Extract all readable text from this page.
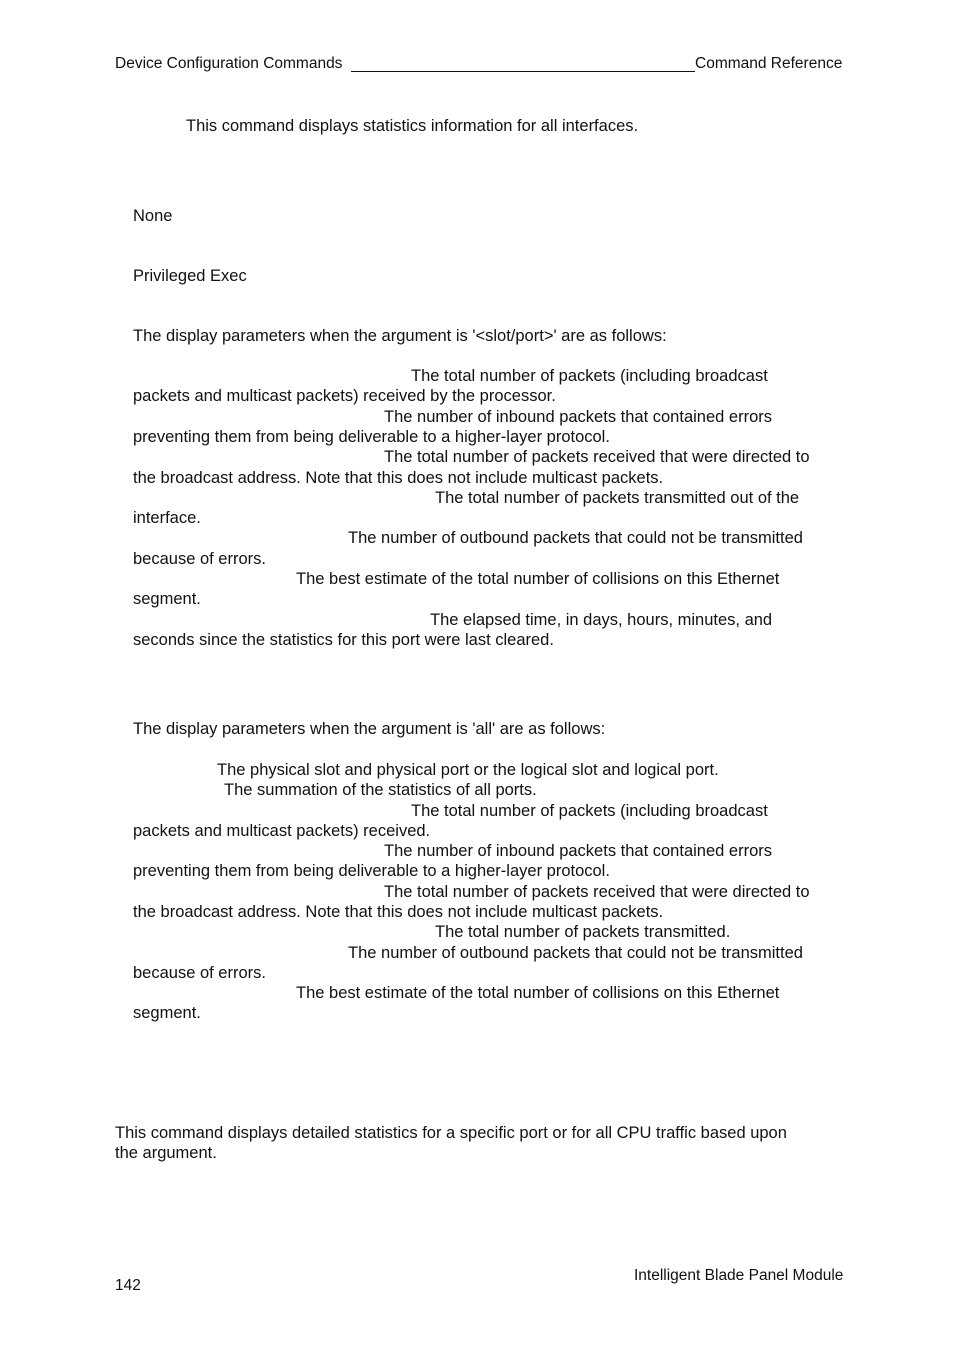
Device Configuration Commands	Command Reference
This command displays statistics information for all interfaces.
None
Privileged Exec
The display parameters when the argument is '<slot/port>' are as follows:
The total number of packets (including broadcast
packets and multicast packets) received by the processor.
The number of inbound packets that contained errors
preventing them from being deliverable to a higher-layer protocol.
The total number of packets received that were directed to
the broadcast address. Note that this does not include multicast packets.
The total number of packets transmitted out of the
interface.
The number of outbound packets that could not be transmitted
because of errors.
The best estimate of the total number of collisions on this Ethernet
segment.
The elapsed time, in days, hours, minutes, and
seconds since the statistics for this port were last cleared.
The display parameters when the argument is 'all' are as follows:
The physical slot and physical port or the logical slot and logical port.
The summation of the statistics of all ports.
The total number of packets (including broadcast
packets and multicast packets) received.
The number of inbound packets that contained errors
preventing them from being deliverable to a higher-layer protocol.
The total number of packets received that were directed to
the broadcast address. Note that this does not include multicast packets.
The total number of packets transmitted.
The number of outbound packets that could not be transmitted
because of errors.
The best estimate of the total number of collisions on this Ethernet
segment.
This command displays detailed statistics for a specific port or for all CPU traffic based upon
the argument.
142
Intelligent Blade Panel Module
